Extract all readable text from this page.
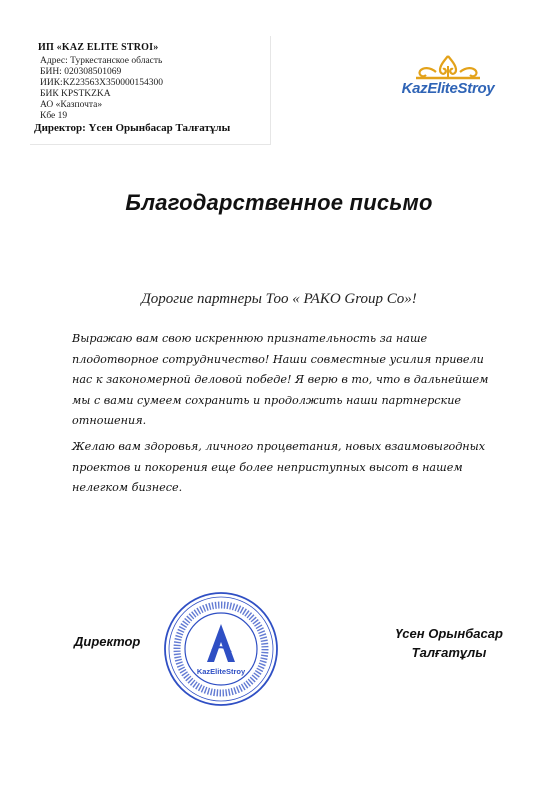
ИП «KAZ ELITE STROI»
Адрес: Туркестанское область
БИН: 020308501069
ИИК:KZ23563X350000154300
БИК KPSTKZKA
АО «Казпочта»
Кбе 19
Директор: Үсен Орынбасар Талғатұлы
KazEliteStroy
Благодарственное письмо
Дорогие партнеры Тоо « PAKO Group Co»!
Выражаю вам свою искреннюю признательность за наше плодотворное сотрудничество! Наши совместные усилия привели нас к закономерной деловой победе! Я верю в то, что в дальнейшем мы с вами сумеем сохранить и продолжить наши партнерские отношения.
Желаю вам здоровья, личного процветания, новых взаимовыгодных проектов и покорения еще более неприступных высот в нашем нелегком бизнесе.
Директор
KazEliteStroy
Үсен Орынбасар
Талғатұлы
